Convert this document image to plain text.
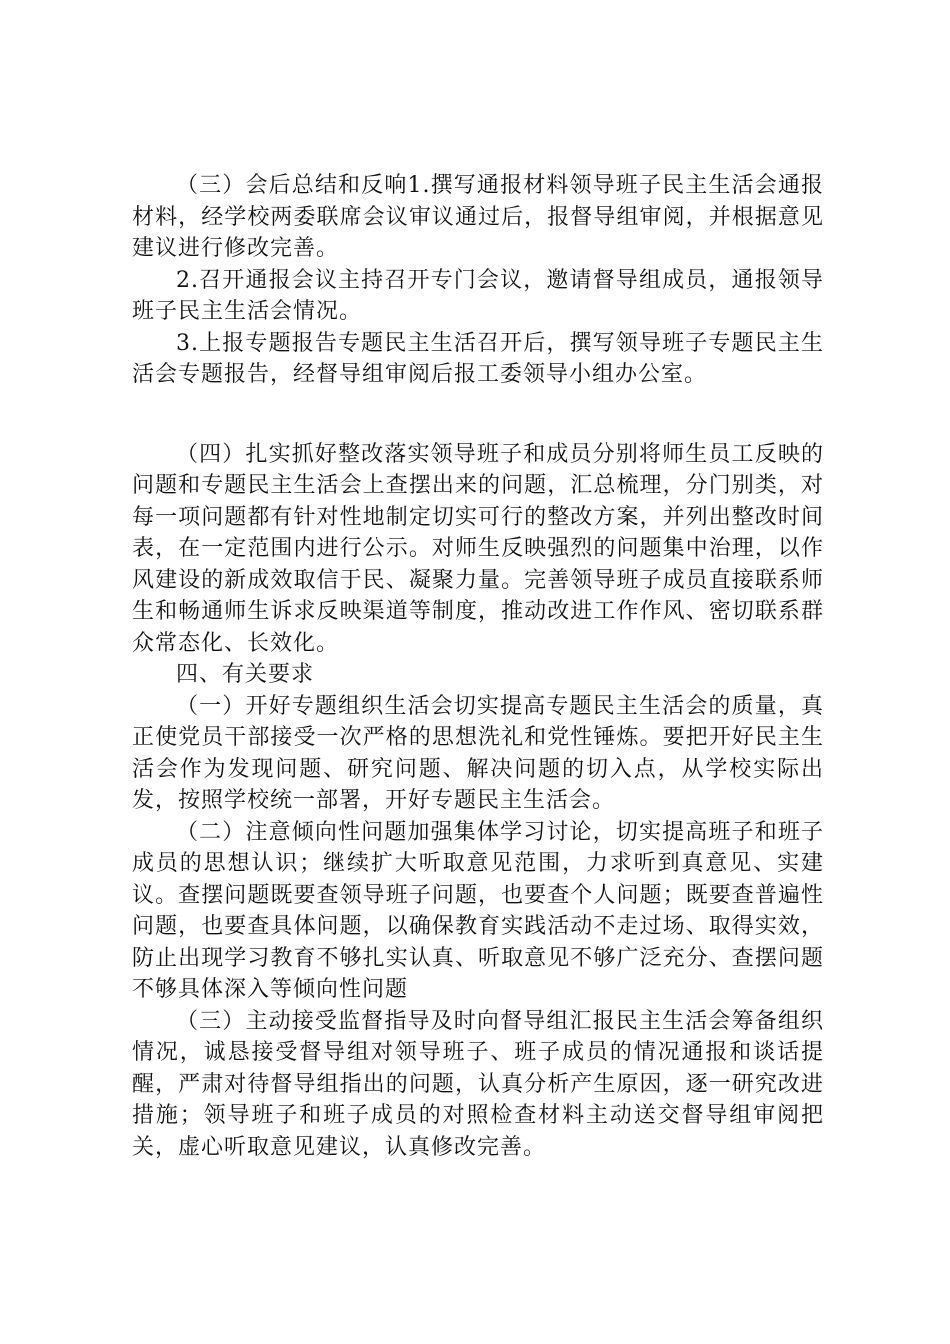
（三）会后总结和反响1.撰写通报材料领导班子民主生活会通报材料，经学校两委联席会议审议通过后，报督导组审阅，并根据意见建议进行修改完善。

2.召开通报会议主持召开专门会议，邀请督导组成员，通报领导班子民主生活会情况。

3.上报专题报告专题民主生活召开后，撰写领导班子专题民主生活会专题报告，经督导组审阅后报工委领导小组办公室。

（四）扎实抓好整改落实领导班子和成员分别将师生员工反映的问题和专题民主生活会上查摆出来的问题，汇总梳理，分门别类，对每一项问题都有针对性地制定切实可行的整改方案，并列出整改时间表，在一定范围内进行公示。对师生反映强烈的问题集中治理，以作风建设的新成效取信于民、凝聚力量。完善领导班子成员直接联系师生和畅通师生诉求反映渠道等制度，推动改进工作作风、密切联系群众常态化、长效化。

四、有关要求

（一）开好专题组织生活会切实提高专题民主生活会的质量，真正使党员干部接受一次严格的思想洗礼和党性锤炼。要把开好民主生活会作为发现问题、研究问题、解决问题的切入点，从学校实际出发，按照学校统一部署，开好专题民主生活会。

（二）注意倾向性问题加强集体学习讨论，切实提高班子和班子成员的思想认识；继续扩大听取意见范围，力求听到真意见、实建议。查摆问题既要查领导班子问题，也要查个人问题；既要查普遍性问题，也要查具体问题，以确保教育实践活动不走过场、取得实效，防止出现学习教育不够扎实认真、听取意见不够广泛充分、查摆问题不够具体深入等倾向性问题

（三）主动接受监督指导及时向督导组汇报民主生活会筹备组织情况，诚恳接受督导组对领导班子、班子成员的情况通报和谈话提醒，严肃对待督导组指出的问题，认真分析产生原因，逐一研究改进措施；领导班子和班子成员的对照检查材料主动送交督导组审阅把关，虚心听取意见建议，认真修改完善。
